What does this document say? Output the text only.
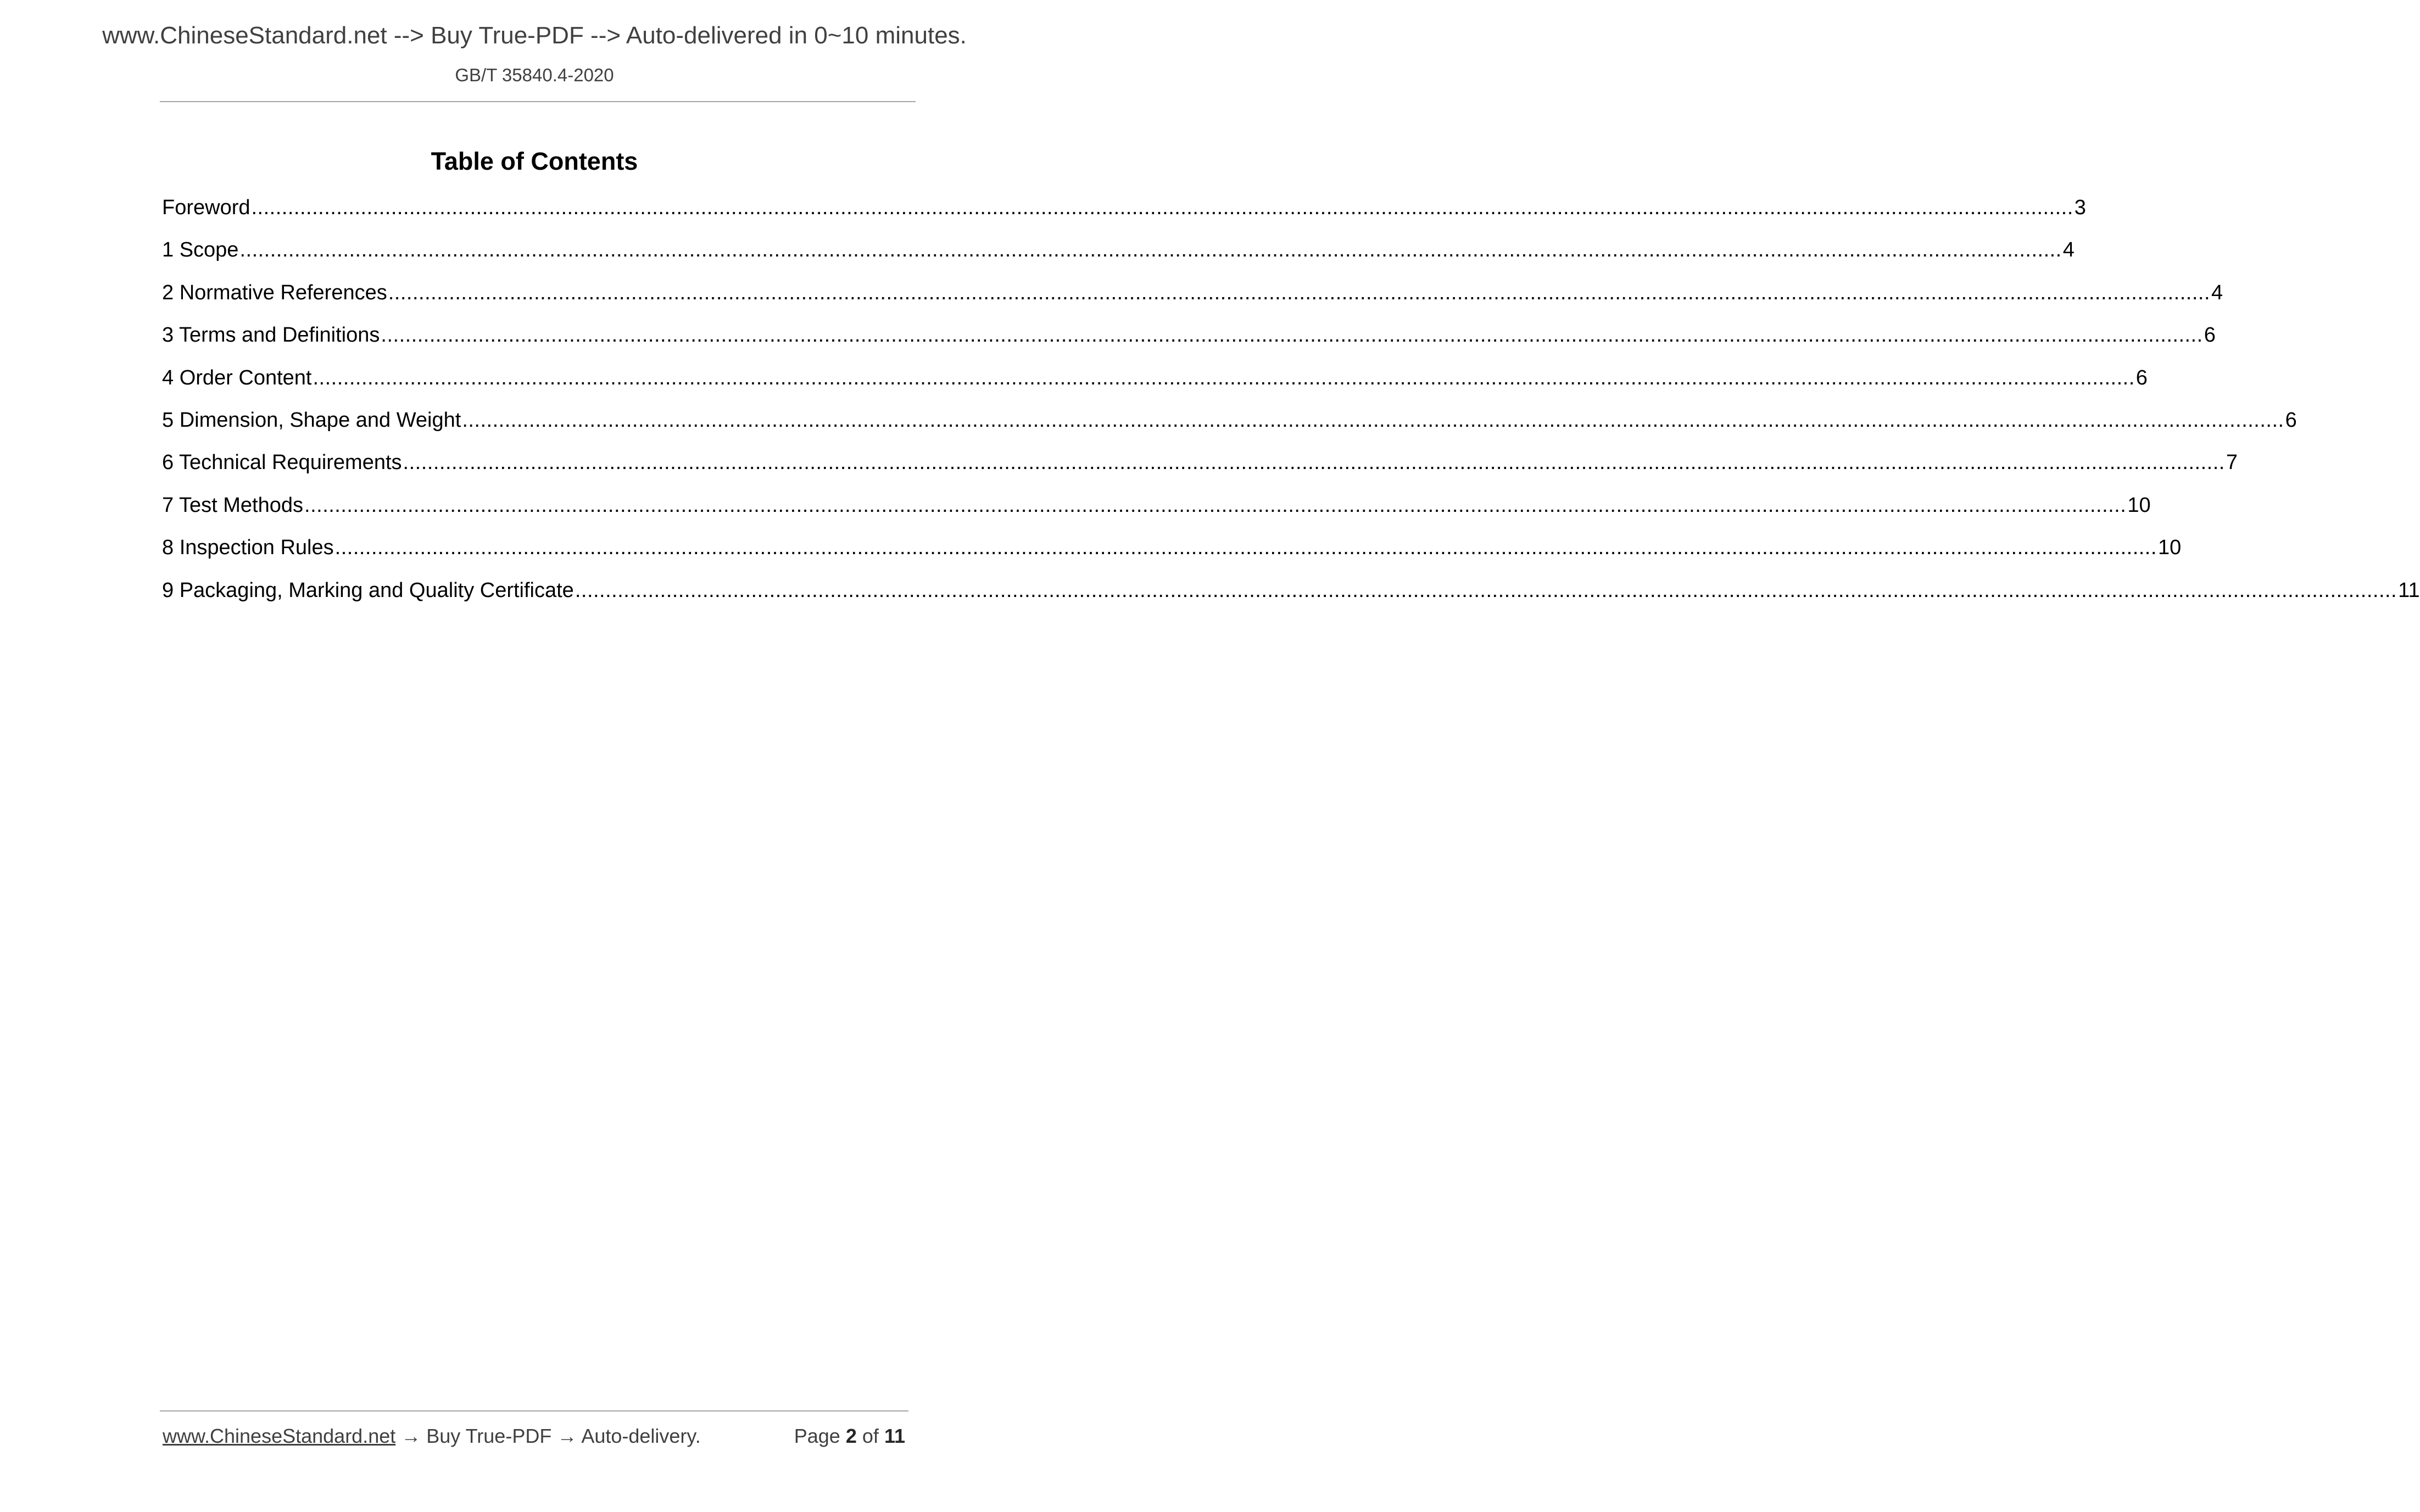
www.ChineseStandard.net --> Buy True-PDF --> Auto-delivered in 0~10 minutes.
GB/T 35840.4-2020
Table of Contents
Foreword ............................................................................................................................................................................................................................................................................................................ 3
1 Scope ............................................................................................................................................................................................................................................................................................................ 4
2 Normative References ............................................................................................................................................................................................................................................................................................................ 4
3 Terms and Definitions ............................................................................................................................................................................................................................................................................................................ 6
4 Order Content ............................................................................................................................................................................................................................................................................................................ 6
5 Dimension, Shape and Weight ............................................................................................................................................................................................................................................................................................................ 6
6 Technical Requirements ............................................................................................................................................................................................................................................................................................................ 7
7 Test Methods ............................................................................................................................................................................................................................................................................................................ 10
8 Inspection Rules ............................................................................................................................................................................................................................................................................................................ 10
9 Packaging, Marking and Quality Certificate ............................................................................................................................................................................................................................................................................................................ 11
www.ChineseStandard.net → Buy True-PDF → Auto-delivery.	Page 2 of 11
